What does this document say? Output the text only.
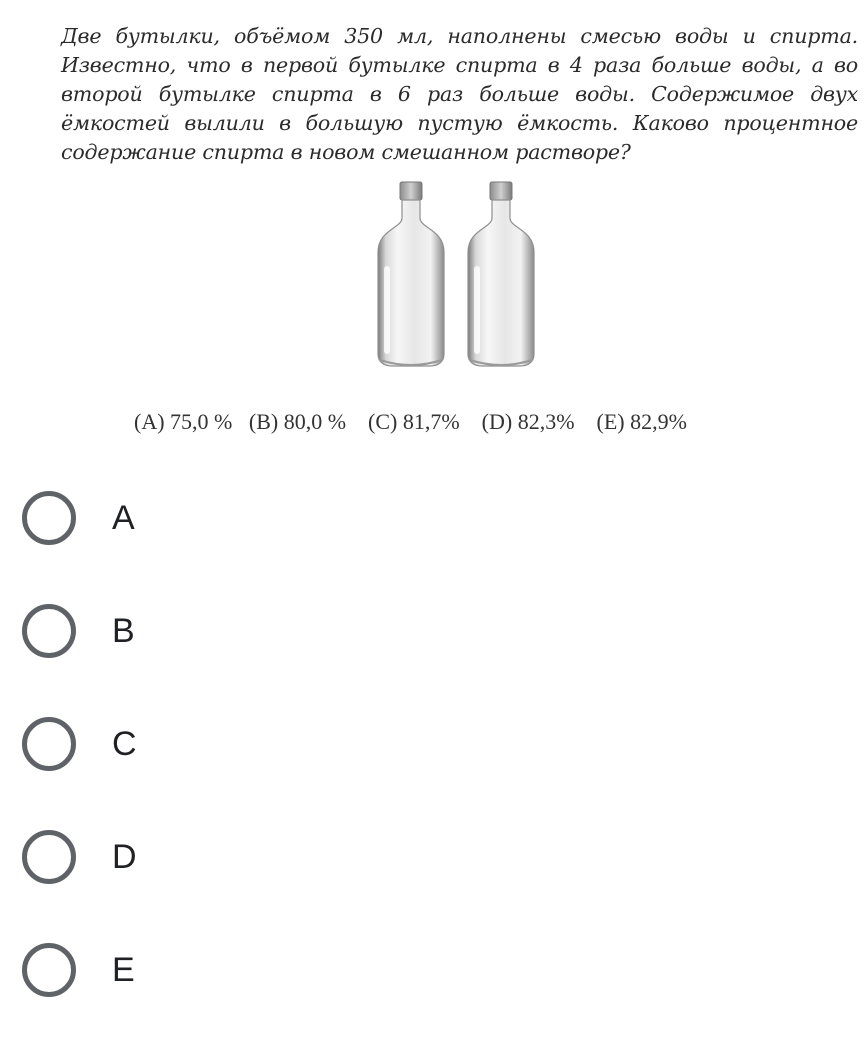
Две бутылки, объёмом 350 мл, наполнены смесью воды и спирта. Известно, что в первой бутылке спирта в 4 раза больше воды, а во второй бутылке спирта в 6 раз больше воды. Содержимое двух ёмкостей вылили в большую пустую ёмкость. Каково процентное содержание спирта в новом смешанном растворе?
(A) 75,0 %   (B) 80,0 %    (C) 81,7%    (D) 82,3%    (E) 82,9%
A
B
C
D
E
